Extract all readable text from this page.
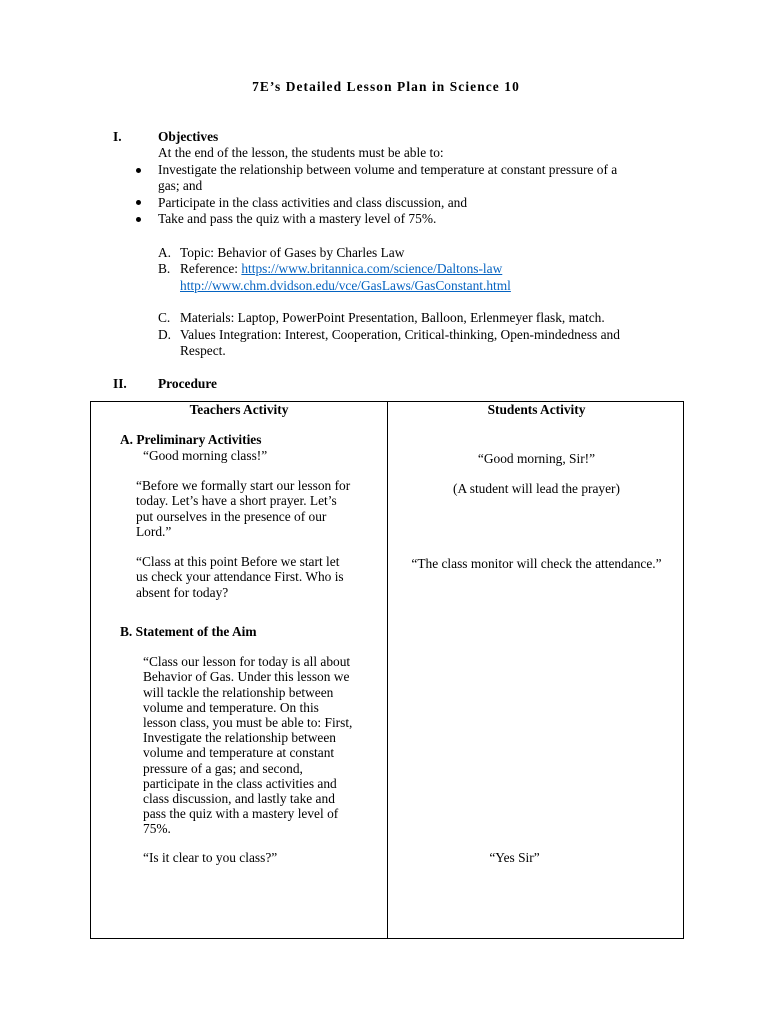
7E’s Detailed Lesson Plan in Science 10
I.	Objectives
At the end of the lesson, the students must be able to:
Investigate the relationship between volume and temperature at constant pressure of a
gas; and
Participate in the class activities and class discussion, and
Take and pass the quiz with a mastery level of 75%.
A. Topic: Behavior of Gases by Charles Law
B. Reference: https://www.britannica.com/science/Daltons-law
http://www.chm.dvidson.edu/vce/GasLaws/GasConstant.html
C. Materials: Laptop, PowerPoint Presentation, Balloon, Erlenmeyer flask, match.
D. Values Integration: Interest, Cooperation, Critical-thinking, Open-mindedness and
Respect.
II. Procedure
Teachers Activity	Students Activity
A. Preliminary Activities
“Good morning class!”
“Before we formally start our lesson for
today. Let’s have a short prayer. Let’s
put ourselves in the presence of our
Lord.”
“Class at this point Before we start let
us check your attendance First. Who is
absent for today?
B. Statement of the Aim
“Class our lesson for today is all about
Behavior of Gas. Under this lesson we
will tackle the relationship between
volume and temperature. On this
lesson class, you must be able to: First,
Investigate the relationship between
volume and temperature at constant
pressure of a gas; and second,
participate in the class activities and
class discussion, and lastly take and
pass the quiz with a mastery level of
75%.
“Is it clear to you class?”
“Good morning, Sir!”
(A student will lead the prayer)
“The class monitor will check the attendance.”
“Yes Sir”
